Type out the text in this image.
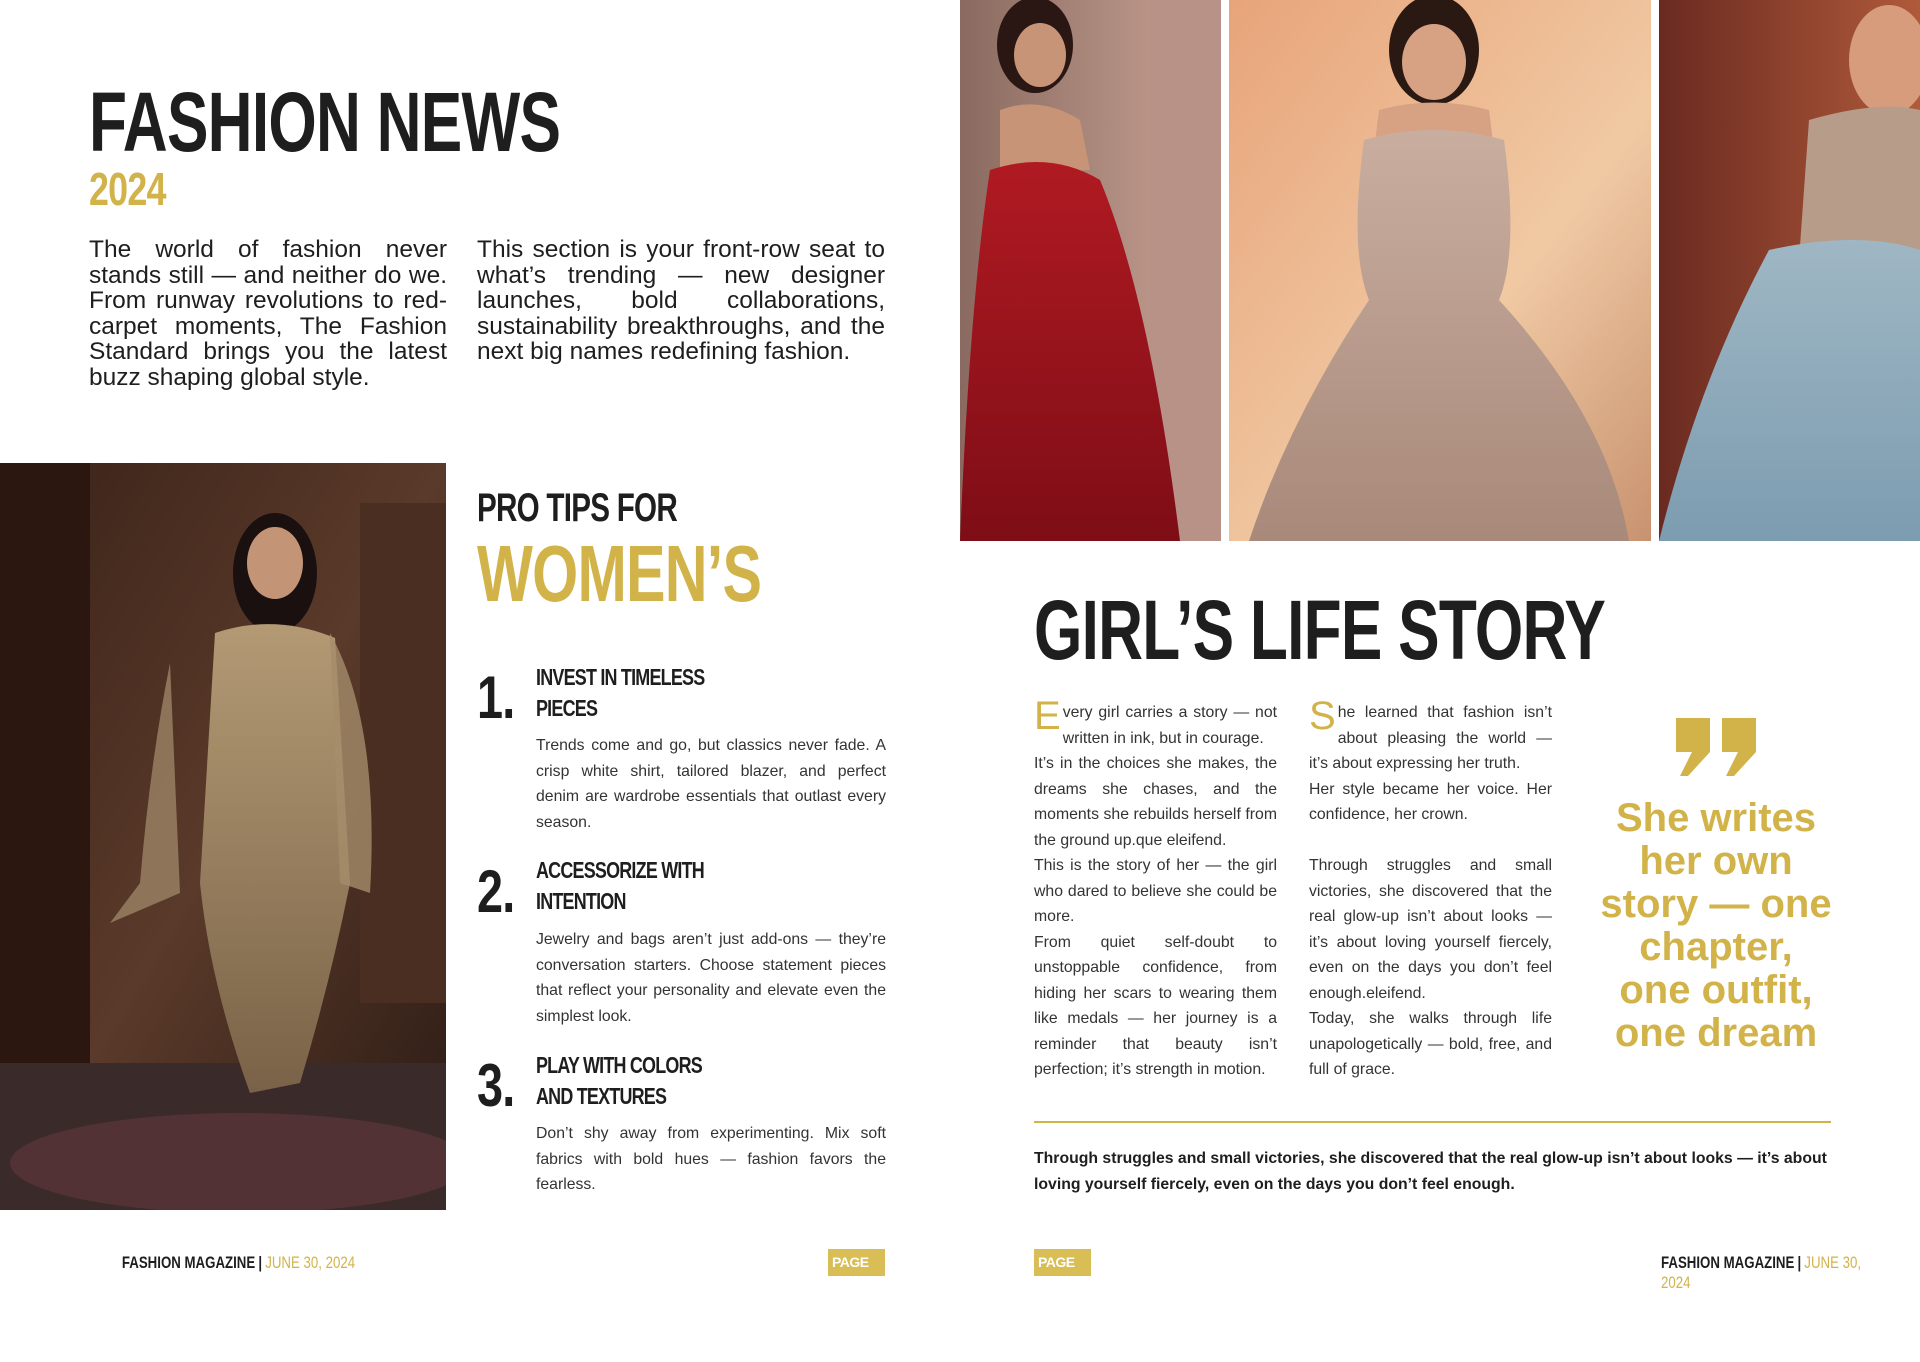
FASHION NEWS
2024
The world of fashion never stands still — and neither do we. From runway revolutions to red-carpet moments, The Fashion Standard brings you the latest buzz shaping global style.
This section is your front-row seat to what’s trending — new designer launches, bold collaborations, sustainability breakthroughs, and the next big names redefining fashion.
PRO TIPS FOR
WOMEN’S
1. INVEST IN TIMELESS
PIECES
Trends come and go, but classics never fade. A crisp white shirt, tailored blazer, and perfect denim are wardrobe essentials that outlast every season.
2. ACCESSORIZE WITH
INTENTION
Jewelry and bags aren’t just add-ons — they’re conversation starters. Choose statement pieces that reflect your personality and elevate even the simplest look.
3. PLAY WITH COLORS
AND TEXTURES
Don’t shy away from experimenting. Mix soft fabrics with bold hues — fashion favors the fearless.
FASHION MAGAZINE | JUNE 30, 2024	PAGE 04
GIRL’S LIFE STORY

Every girl carries a story — not written in ink, but in courage.

It’s in the choices she makes, the dreams she chases, and the moments she rebuilds herself from the ground up.que eleifend.

This is the story of her — the girl who dared to believe she could be more.

From quiet self-doubt to unstoppable confidence, from hiding her scars to wearing them like medals — her journey is a reminder that beauty isn’t perfection; it’s strength in motion.

She learned that fashion isn’t about pleasing the world — it’s about expressing her truth.

Her style became her voice. Her confidence, her crown.

Through struggles and small victories, she discovered that the real glow-up isn’t about looks — it’s about loving yourself fiercely, even on the days you don’t feel enough.eleifend.

Today, she walks through life unapologetically — bold, free, and full of grace.

She writes her own story — one chapter, one outfit, one dream
Through struggles and small victories, she discovered that the real glow-up isn’t about looks — it’s about loving yourself fiercely, even on the days you don’t feel enough.
PAGE 05
FASHION MAGAZINE | JUNE 30, 2024
